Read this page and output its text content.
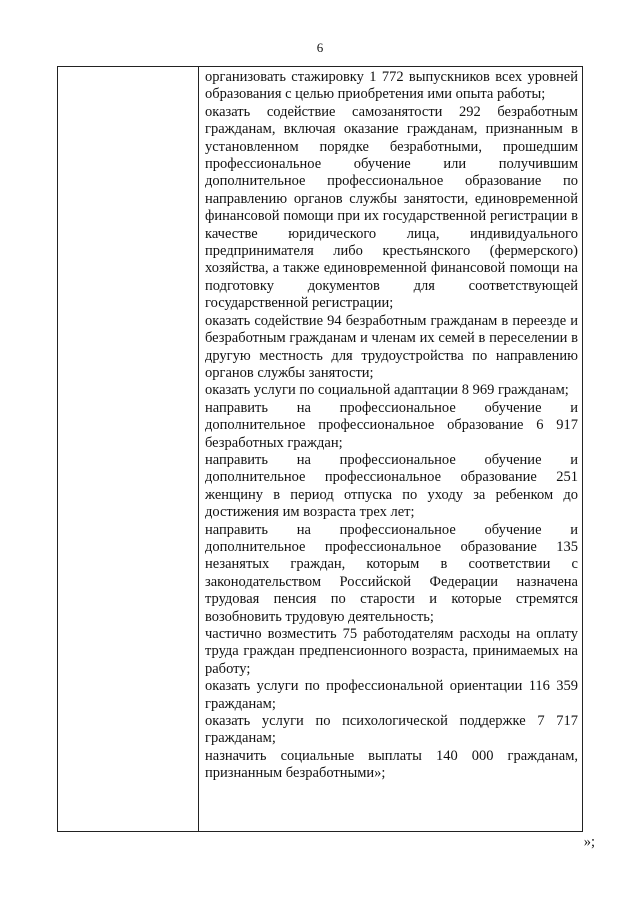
6

организовать стажировку 1 772 выпускников всех уровней образования с целью приобретения ими опыта работы;

оказать содействие самозанятости 292 безработным гражданам, включая оказание гражданам, признанным в установленном порядке безработными, прошедшим профессиональное обучение или получившим дополнительное профессиональное образование по направлению органов службы занятости, единовременной финансовой помощи при их государственной регистрации в качестве юридического лица, индивидуального предпринимателя либо крестьянского (фермерского) хозяйства, а также единовременной финансовой помощи на подготовку документов для соответствующей государственной регистрации;

оказать содействие 94 безработным гражданам в переезде и безработным гражданам и членам их семей в переселении в другую местность для трудоустройства по направлению органов службы занятости;

оказать услуги по социальной адаптации 8 969 гражданам;

направить на профессиональное обучение и дополнительное профессиональное образование 6 917 безработных граждан;

направить на профессиональное обучение и дополнительное профессиональное образование 251 женщину в период отпуска по уходу за ребенком до достижения им возраста трех лет;

направить на профессиональное обучение и дополнительное профессиональное образование 135 незанятых граждан, которым в соответствии с законодательством Российской Федерации назначена трудовая пенсия по старости и которые стремятся возобновить трудовую деятельность;

частично возместить 75 работодателям расходы на оплату труда граждан предпенсионного возраста, принимаемых на работу;

оказать услуги по профессиональной ориентации 116 359 гражданам;

оказать услуги по психологической поддержке 7 717 гражданам;

назначить социальные выплаты 140 000 гражданам, признанным безработными»;

»;
